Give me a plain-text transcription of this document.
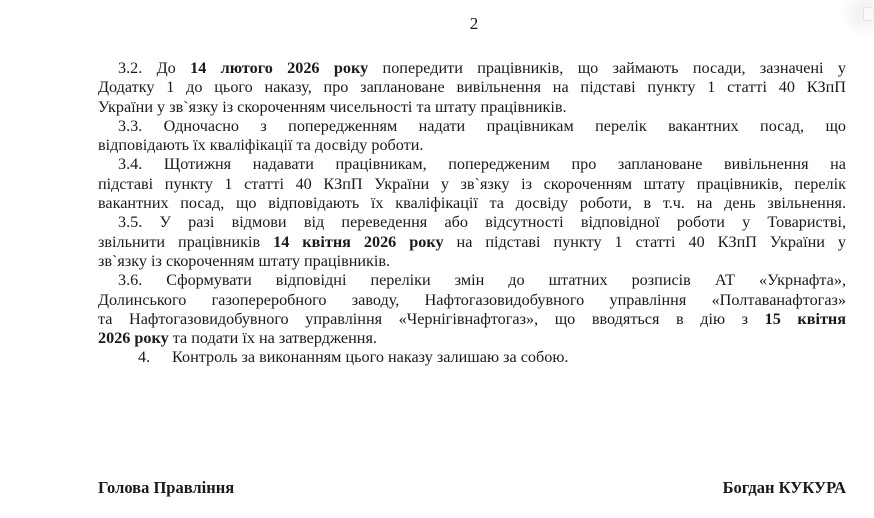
2
3.2. До 14 лютого 2026 року попередити працівників, що займають посади, зазначені у
Додатку 1 до цього наказу, про заплановане вивільнення на підставі пункту 1 статті 40 КЗпП
України у зв`язку із скороченням чисельності та штату працівників.
3.3. Одночасно з попередженням надати працівникам перелік вакантних посад, що
відповідають їх кваліфікації та досвіду роботи.
3.4. Щотижня надавати працівникам, попередженим про заплановане вивільнення на
підставі пункту 1 статті 40 КЗпП України у зв`язку із скороченням штату працівників, перелік
вакантних посад, що відповідають їх кваліфікації та досвіду роботи, в т.ч. на день звільнення.
3.5. У разі відмови від переведення або відсутності відповідної роботи у Товаристві,
звільнити працівників 14 квітня 2026 року на підставі пункту 1 статті 40 КЗпП України у
зв`язку із скороченням штату працівників.
3.6. Сформувати відповідні переліки змін до штатних розписів АТ «Укрнафта»,
Долинського газопереробного заводу, Нафтогазовидобувного управління «Полтаванафтогаз»
та Нафтогазовидобувного управління «Чернігівнафтогаз», що вводяться в дію з 15 квітня
2026 року та подати їх на затвердження.
4. Контроль за виконанням цього наказу залишаю за собою.
Голова Правління	Богдан КУКУРА
